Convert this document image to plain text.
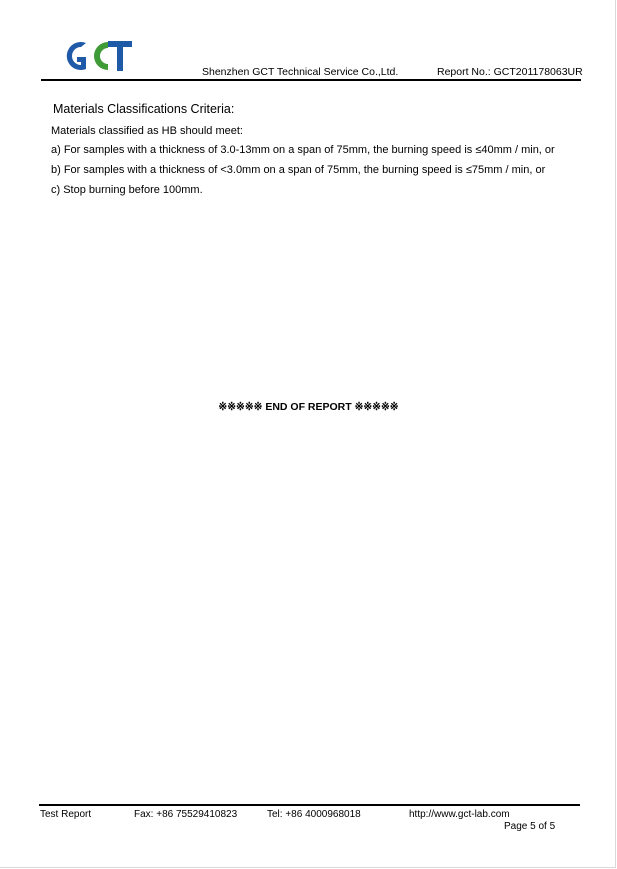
Shenzhen GCT Technical Service Co.,Ltd.	Report No.: GCT201178063UR
Materials Classifications Criteria:
Materials classified as HB should meet:
a) For samples with a thickness of 3.0-13mm on a span of 75mm, the burning speed is ≤40mm / min, or
b) For samples with a thickness of <3.0mm on a span of 75mm, the burning speed is ≤75mm / min, or
c) Stop burning before 100mm.
※※※※※ END OF REPORT ※※※※※
Test Report	Fax: +86 75529410823	Tel: +86 4000968018	http://www.gct-lab.com
Page 5 of 5
